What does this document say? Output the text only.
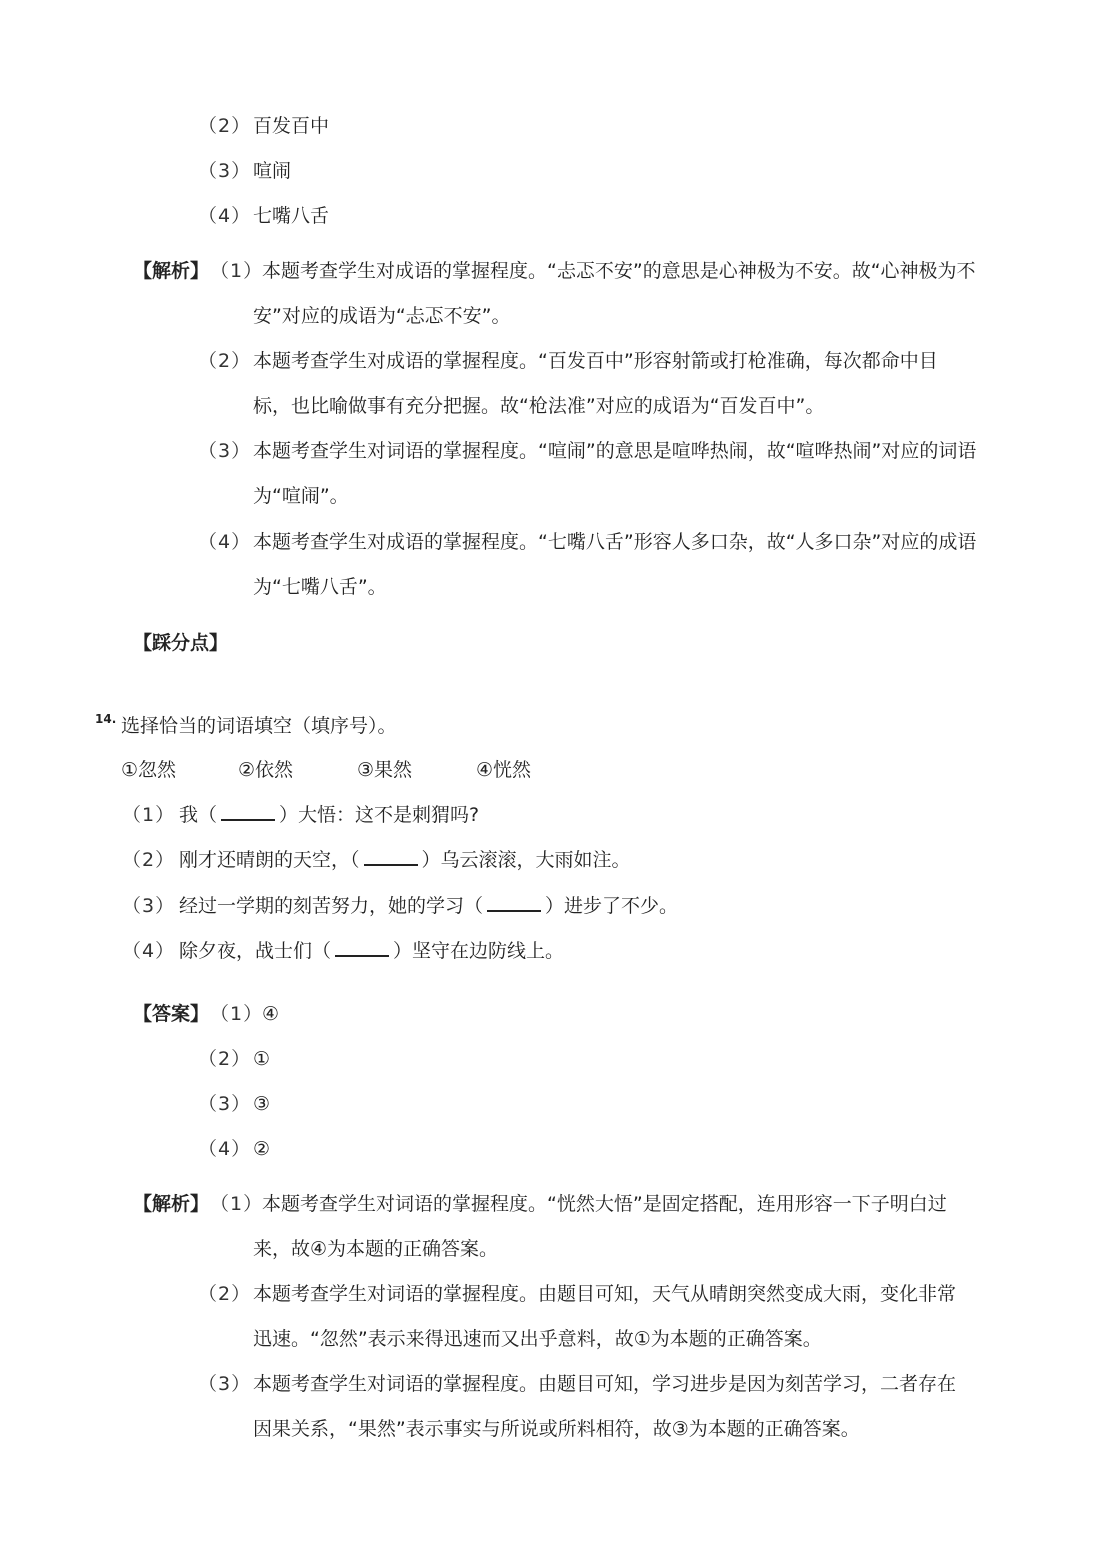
（2） 百发百中
（3） 喧闹
（4） 七嘴八舌
【解析】 （1）
本题考查学生对成语的掌握程度。“忐忑不安”的意思是心神极为不安。故“心神极为不
安”对应的成语为“忐忑不安”。
（2） 本题考查学生对成语的掌握程度。“百发百中”形容射箭或打枪准确，每次都命中目
标，也比喻做事有充分把握。故“枪法准”对应的成语为“百发百中”。
（3） 本题考查学生对词语的掌握程度。“喧闹”的意思是喧哗热闹，故“喧哗热闹”对应的词语
为“喧闹”。
（4） 本题考查学生对成语的掌握程度。“七嘴八舌”形容人多口杂，故“人多口杂”对应的成语
为“七嘴八舌”。
【踩分点】
14. 选择恰当的词语填空（填序号）。
①忽然	②依然	③果然	④恍然
（1） 我（	）大悟：这不是刺猬吗?
（2） 刚才还晴朗的天空，（	）乌云滚滚，大雨如注。
（3） 经过一学期的刻苦努力，她的学习（	）进步了不少。
（4） 除夕夜，战士们（	）坚守在边防线上。
【答案】 （1）
④
（2） ①
（3） ③
（4） ②
【解析】 （1）
本题考查学生对词语的掌握程度。“恍然大悟”是固定搭配，连用形容一下子明白过
来，故④为本题的正确答案。
（2） 本题考查学生对词语的掌握程度。由题目可知，天气从晴朗突然变成大雨，变化非常
迅速。“忽然”表示来得迅速而又出乎意料，故①为本题的正确答案。
（3） 本题考查学生对词语的掌握程度。由题目可知，学习进步是因为刻苦学习，二者存在
因果关系，“果然”表示事实与所说或所料相符，故③为本题的正确答案。
